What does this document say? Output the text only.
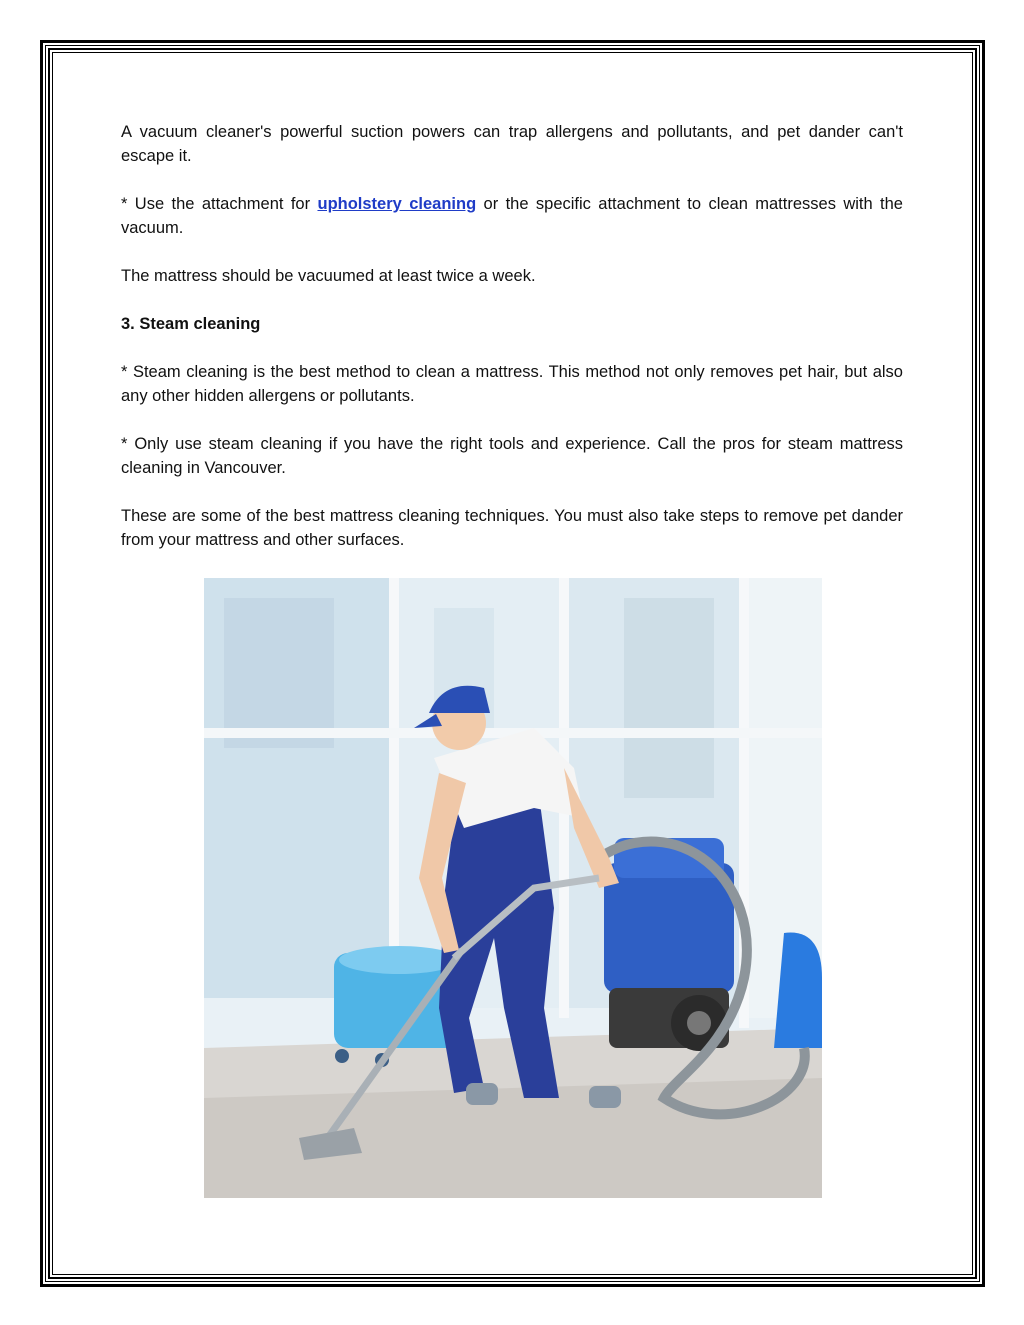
A vacuum cleaner's powerful suction powers can trap allergens and pollutants, and pet dander can't escape it.

* Use the attachment for upholstery cleaning or the specific attachment to clean mattresses with the vacuum.

The mattress should be vacuumed at least twice a week.

3. Steam cleaning

* Steam cleaning is the best method to clean a mattress. This method not only removes pet hair, but also any other hidden allergens or pollutants.

* Only use steam cleaning if you have the right tools and experience. Call the pros for steam mattress cleaning in Vancouver.

These are some of the best mattress cleaning techniques. You must also take steps to remove pet dander from your mattress and other surfaces.
